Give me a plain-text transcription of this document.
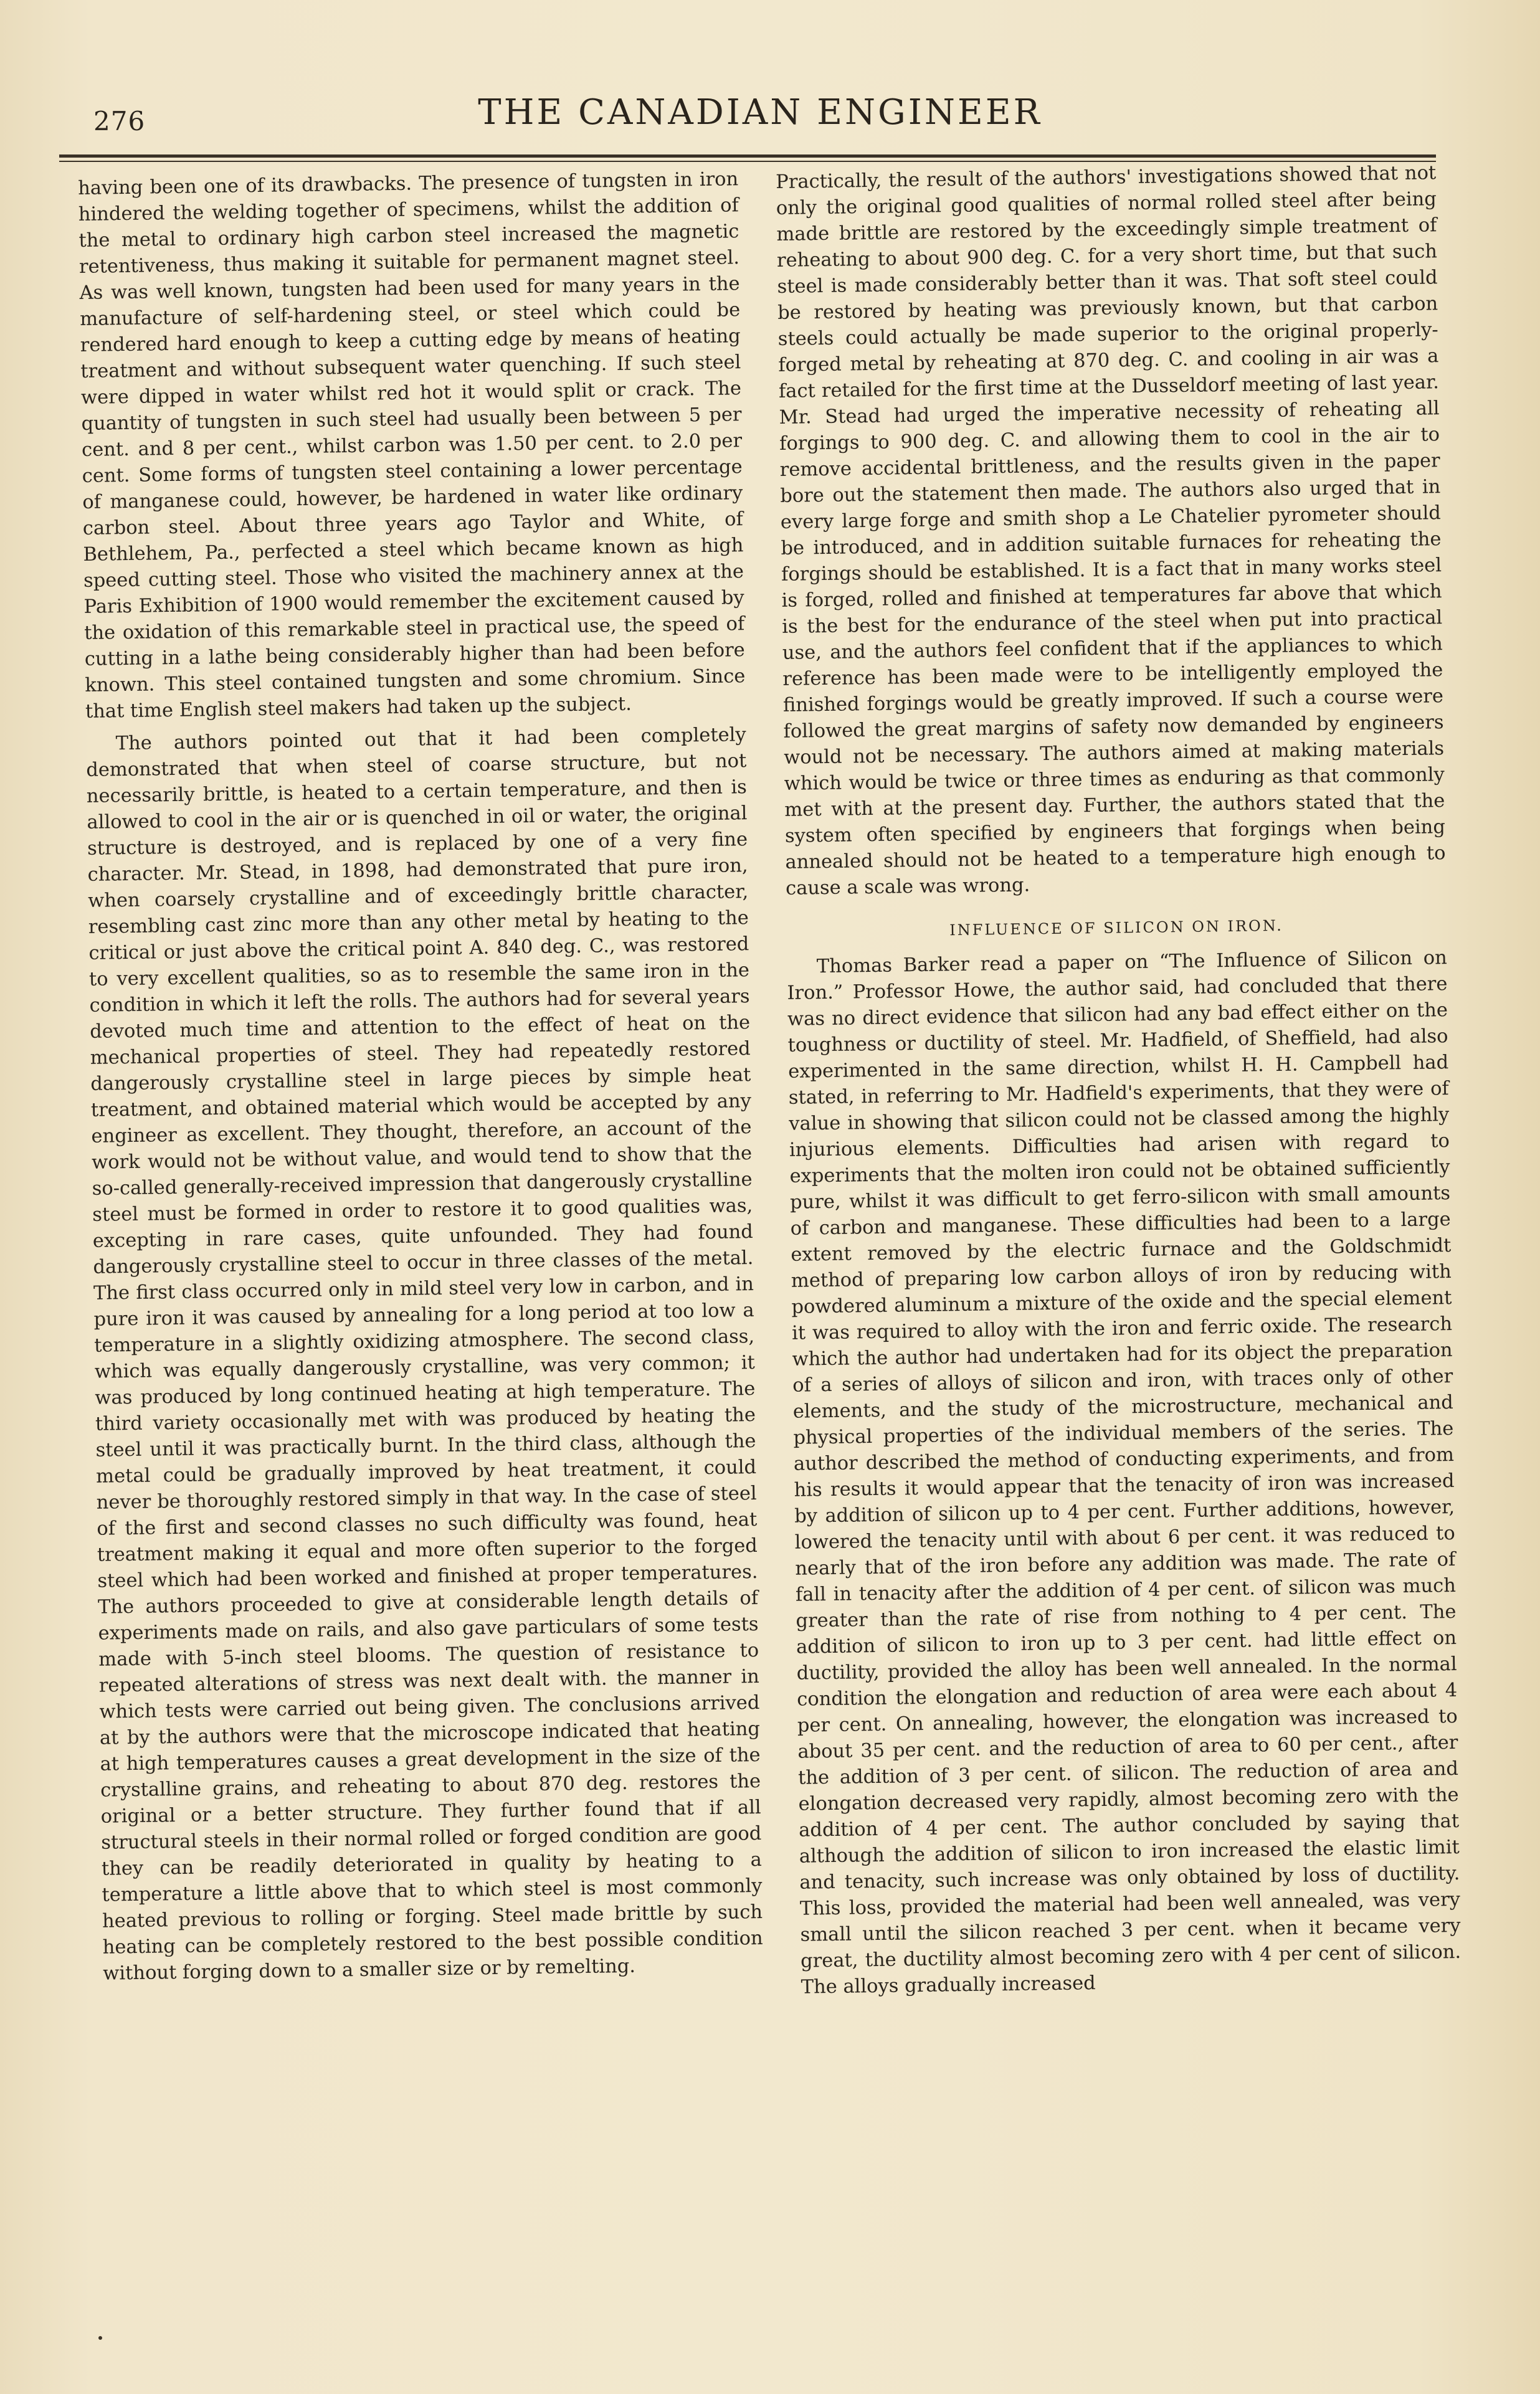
276	THE CANADIAN ENGINEER

having been one of its drawbacks. The presence of tungsten in iron hindered the welding together of specimens, whilst the addition of the metal to ordinary high carbon steel increased the magnetic retentiveness, thus making it suitable for permanent magnet steel. As was well known, tungsten had been used for many years in the manufacture of self-hardening steel, or steel which could be rendered hard enough to keep a cutting edge by means of heating treatment and without subsequent water quenching. If such steel were dipped in water whilst red hot it would split or crack. The quantity of tungsten in such steel had usually been between 5 per cent. and 8 per cent., whilst carbon was 1.50 per cent. to 2.0 per cent. Some forms of tungsten steel containing a lower percentage of manganese could, however, be hardened in water like ordinary carbon steel. About three years ago Taylor and White, of Bethlehem, Pa., perfected a steel which became known as high speed cutting steel. Those who visited the machinery annex at the Paris Exhibition of 1900 would remember the excitement caused by the oxidation of this remarkable steel in practical use, the speed of cutting in a lathe being considerably higher than had been before known. This steel contained tungsten and some chromium. Since that time English steel makers had taken up the subject.

The authors pointed out that it had been completely demonstrated that when steel of coarse structure, but not necessarily brittle, is heated to a certain temperature, and then is allowed to cool in the air or is quenched in oil or water, the original structure is destroyed, and is replaced by one of a very fine character. Mr. Stead, in 1898, had demonstrated that pure iron, when coarsely crystalline and of exceedingly brittle character, resembling cast zinc more than any other metal by heating to the critical or just above the critical point A. 840 deg. C., was restored to very excellent qualities, so as to resemble the same iron in the condition in which it left the rolls. The authors had for several years devoted much time and attention to the effect of heat on the mechanical properties of steel. They had repeatedly restored dangerously crystalline steel in large pieces by simple heat treatment, and obtained material which would be accepted by any engineer as excellent. They thought, therefore, an account of the work would not be without value, and would tend to show that the so-called generally-received impression that dangerously crystalline steel must be formed in order to restore it to good qualities was, excepting in rare cases, quite unfounded. They had found dangerously crystalline steel to occur in three classes of the metal. The first class occurred only in mild steel very low in carbon, and in pure iron it was caused by annealing for a long period at too low a temperature in a slightly oxidizing atmosphere. The second class, which was equally dangerously crystalline, was very common; it was produced by long continued heating at high temperature. The third variety occasionally met with was produced by heating the steel until it was practically burnt. In the third class, although the metal could be gradually improved by heat treatment, it could never be thoroughly restored simply in that way. In the case of steel of the first and second classes no such difficulty was found, heat treatment making it equal and more often superior to the forged steel which had been worked and finished at proper temperatures. The authors proceeded to give at considerable length details of experiments made on rails, and also gave particulars of some tests made with 5-inch steel blooms. The question of resistance to repeated alterations of stress was next dealt with. the manner in which tests were carried out being given. The conclusions arrived at by the authors were that the microscope indicated that heating at high temperatures causes a great development in the size of the crystalline grains, and reheating to about 870 deg. restores the original or a better structure. They further found that if all structural steels in their normal rolled or forged condition are good they can be readily deteriorated in quality by heating to a temperature a little above that to which steel is most commonly heated previous to rolling or forging. Steel made brittle by such heating can be completely restored to the best possible condition without forging down to a smaller size or by remelting.

Practically, the result of the authors' investigations showed that not only the original good qualities of normal rolled steel after being made brittle are restored by the exceedingly simple treatment of reheating to about 900 deg. C. for a very short time, but that such steel is made considerably better than it was. That soft steel could be restored by heating was previously known, but that carbon steels could actually be made superior to the original properly-forged metal by reheating at 870 deg. C. and cooling in air was a fact retailed for the first time at the Dusseldorf meeting of last year. Mr. Stead had urged the imperative necessity of reheating all forgings to 900 deg. C. and allowing them to cool in the air to remove accidental brittleness, and the results given in the paper bore out the statement then made. The authors also urged that in every large forge and smith shop a Le Chatelier pyrometer should be introduced, and in addition suitable furnaces for reheating the forgings should be established. It is a fact that in many works steel is forged, rolled and finished at temperatures far above that which is the best for the endurance of the steel when put into practical use, and the authors feel confident that if the appliances to which reference has been made were to be intelligently employed the finished forgings would be greatly improved. If such a course were followed the great margins of safety now demanded by engineers would not be necessary. The authors aimed at making materials which would be twice or three times as enduring as that commonly met with at the present day. Further, the authors stated that the system often specified by engineers that forgings when being annealed should not be heated to a temperature high enough to cause a scale was wrong.

INFLUENCE OF SILICON ON IRON.

Thomas Barker read a paper on “The Influence of Silicon on Iron.” Professor Howe, the author said, had concluded that there was no direct evidence that silicon had any bad effect either on the toughness or ductility of steel. Mr. Hadfield, of Sheffield, had also experimented in the same direction, whilst H. H. Campbell had stated, in referring to Mr. Hadfield's experiments, that they were of value in showing that silicon could not be classed among the highly injurious elements. Difficulties had arisen with regard to experiments that the molten iron could not be obtained sufficiently pure, whilst it was difficult to get ferro-silicon with small amounts of carbon and manganese. These difficulties had been to a large extent removed by the electric furnace and the Goldschmidt method of preparing low carbon alloys of iron by reducing with powdered aluminum a mixture of the oxide and the special element it was required to alloy with the iron and ferric oxide. The research which the author had undertaken had for its object the preparation of a series of alloys of silicon and iron, with traces only of other elements, and the study of the microstructure, mechanical and physical properties of the individual members of the series. The author described the method of conducting experiments, and from his results it would appear that the tenacity of iron was increased by addition of silicon up to 4 per cent. Further additions, however, lowered the tenacity until with about 6 per cent. it was reduced to nearly that of the iron before any addition was made. The rate of fall in tenacity after the addition of 4 per cent. of silicon was much greater than the rate of rise from nothing to 4 per cent. The addition of silicon to iron up to 3 per cent. had little effect on ductility, provided the alloy has been well annealed. In the normal condition the elongation and reduction of area were each about 4 per cent. On annealing, however, the elongation was increased to about 35 per cent. and the reduction of area to 60 per cent., after the addition of 3 per cent. of silicon. The reduction of area and elongation decreased very rapidly, almost becoming zero with the addition of 4 per cent. The author concluded by saying that although the addition of silicon to iron increased the elastic limit and tenacity, such increase was only obtained by loss of ductility. This loss, provided the material had been well annealed, was very small until the silicon reached 3 per cent. when it became very great, the ductility almost becoming zero with 4 per cent of silicon. The alloys gradually increased
